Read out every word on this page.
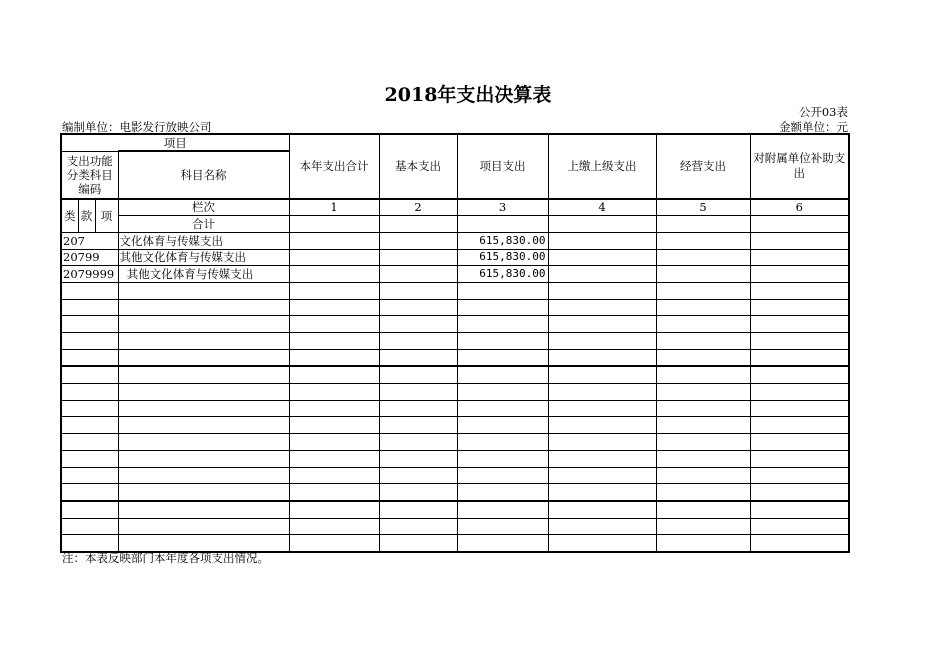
2018年支出决算表
公开03表
编制单位：电影发行放映公司	金额单位：元
项目				本年支出合计	基本支出	项目支出	上缴上级支出	经营支出	对附属单位补助支出
支出功能分类科目编码			科目名称						

类	款	项	栏次	1	2	3	4	5	6
			合计						
207			文化体育与传媒支出			615,830.00			
20799			其他文化体育与传媒支出			615,830.00			
2079999			其他文化体育与传媒支出			615,830.00			

注：本表反映部门本年度各项支出情况。
